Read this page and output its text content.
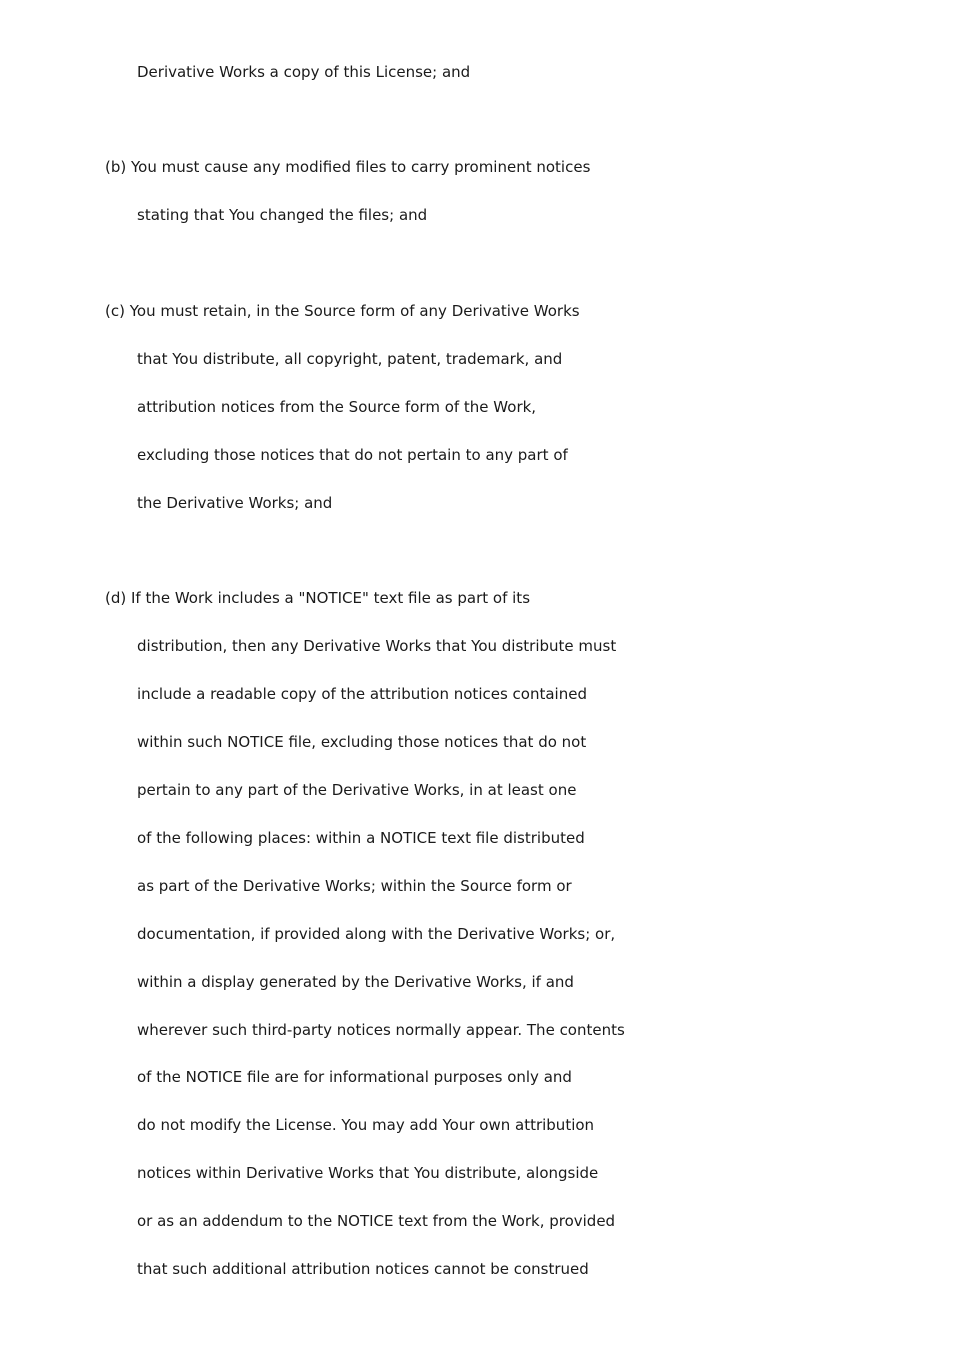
Derivative Works a copy of this License; and
(b) You must cause any modified files to carry prominent notices
stating that You changed the files; and
(c) You must retain, in the Source form of any Derivative Works
that You distribute, all copyright, patent, trademark, and
attribution notices from the Source form of the Work,
excluding those notices that do not pertain to any part of
the Derivative Works; and
(d) If the Work includes a "NOTICE" text file as part of its
distribution, then any Derivative Works that You distribute must
include a readable copy of the attribution notices contained
within such NOTICE file, excluding those notices that do not
pertain to any part of the Derivative Works, in at least one
of the following places: within a NOTICE text file distributed
as part of the Derivative Works; within the Source form or
documentation, if provided along with the Derivative Works; or,
within a display generated by the Derivative Works, if and
wherever such third-party notices normally appear. The contents
of the NOTICE file are for informational purposes only and
do not modify the License. You may add Your own attribution
notices within Derivative Works that You distribute, alongside
or as an addendum to the NOTICE text from the Work, provided
that such additional attribution notices cannot be construed
